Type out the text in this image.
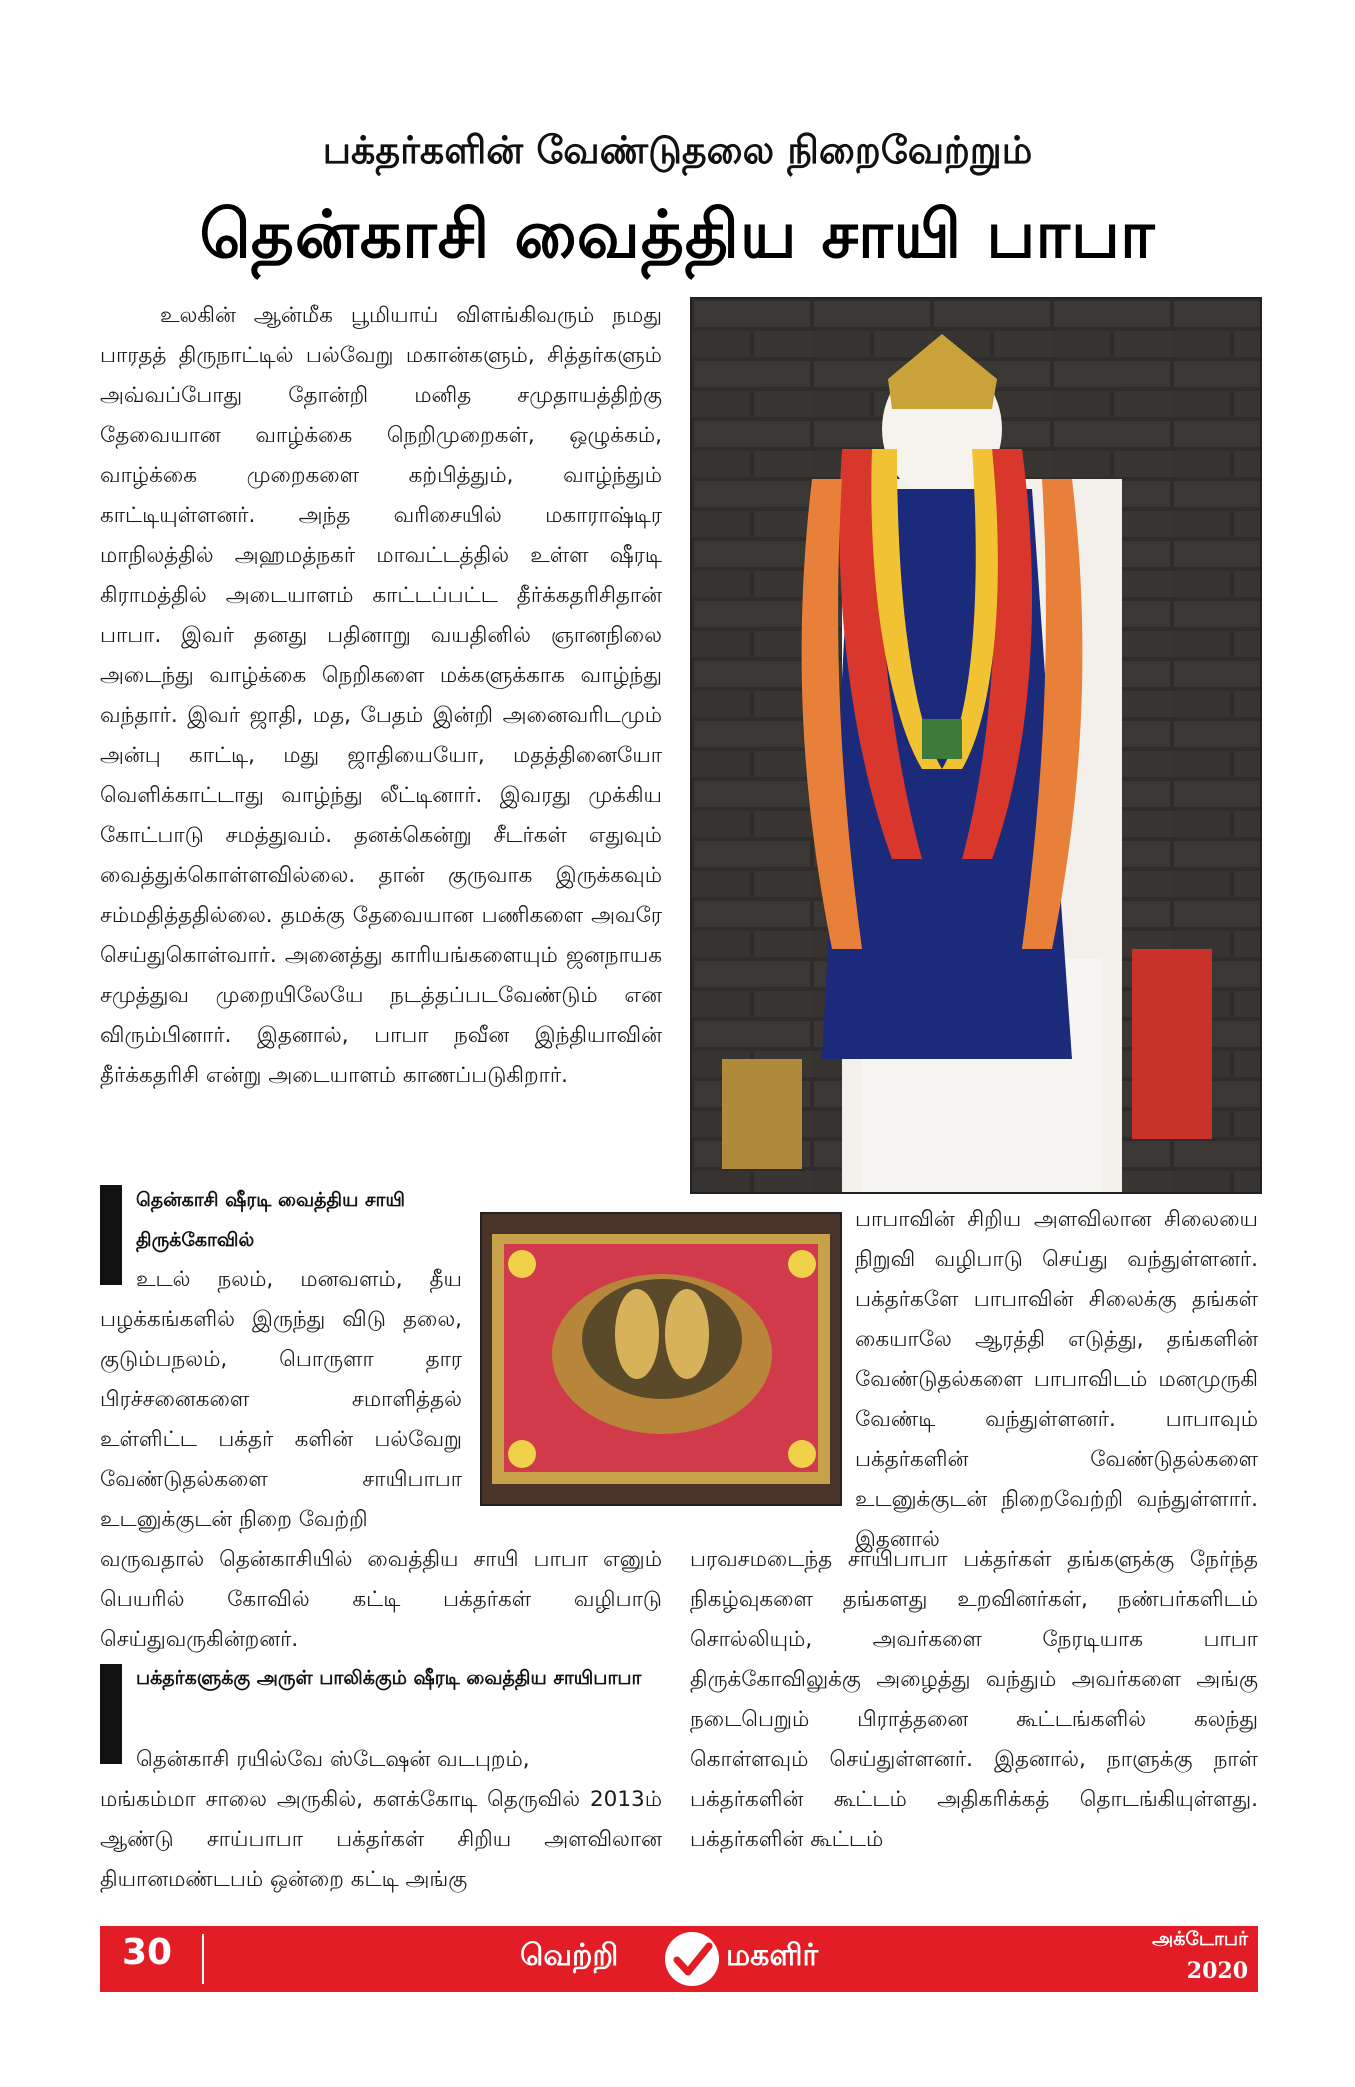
பக்தர்களின் வேண்டுதலை நிறைவேற்றும்
தென்காசி வைத்திய சாயி பாபா
உலகின் ஆன்மீக பூமியாய் விளங்கிவரும் நமது பாரதத் திருநாட்டில் பல்வேறு மகான்களும், சித்தர்களும் அவ்வப்போது தோன்றி மனித சமுதாயத்திற்கு தேவையான வாழ்க்கை நெறிமுறைகள், ஒழுக்கம், வாழ்க்கை முறைகளை கற்பித்தும், வாழ்ந்தும் காட்டியுள்ளனர். அந்த வரிசையில் மகாராஷ்டிர மாநிலத்தில் அஹமத்நகர் மாவட்டத்தில் உள்ள ஷீரடி கிராமத்தில் அடையாளம் காட்டப்பட்ட தீர்க்கதரிசிதான் பாபா. இவர் தனது பதினாறு வயதினில் ஞானநிலை அடைந்து வாழ்க்கை நெறிகளை மக்களுக்காக வாழ்ந்து வந்தார். இவர் ஜாதி, மத, பேதம் இன்றி அனைவரிடமும் அன்பு காட்டி, மது ஜாதியையோ, மதத்தினையோ வெளிக்காட்டாது வாழ்ந்து லீட்டினார். இவரது முக்கிய கோட்பாடு சமத்துவம். தனக்கென்று சீடர்கள் எதுவும் வைத்துக்கொள்ளவில்லை. தான் குருவாக இருக்கவும் சம்மதித்ததில்லை. தமக்கு தேவையான பணிகளை அவரே செய்துகொள்வார். அனைத்து காரியங்களையும் ஜனநாயக சமுத்துவ முறையிலேயே நடத்தப்படவேண்டும் என விரும்பினார். இதனால், பாபா நவீன இந்தியாவின் தீர்க்கதரிசி என்று அடையாளம் காணப்படுகிறார்.
தென்காசி ஷீரடி வைத்திய சாயி திருக்கோவில்
உடல் நலம், மனவளம், தீய பழக்கங்களில் இருந்து விடு தலை, குடும்பநலம், பொருளா தார பிரச்சனைகளை சமாளித்தல் உள்ளிட்ட பக்தர் களின் பல்வேறு வேண்டுதல்களை சாயிபாபா உடனுக்குடன் நிறை வேற்றி
வருவதால் தென்காசியில் வைத்திய சாயி பாபா எனும் பெயரில் கோவில் கட்டி பக்தர்கள் வழிபாடு செய்துவருகின்றனர்.
பாபாவின் சிறிய அளவிலான சிலையை நிறுவி வழிபாடு செய்து வந்துள்ளனர். பக்தர்களே பாபாவின் சிலைக்கு தங்கள் கையாலே ஆரத்தி எடுத்து, தங்களின் வேண்டுதல்களை பாபாவிடம் மனமுருகி வேண்டி வந்துள்ளனர். பாபாவும் பக்தர்களின் வேண்டுதல்களை உடனுக்குடன் நிறைவேற்றி வந்துள்ளார். இதனால்
பரவசமடைந்த சாயிபாபா பக்தர்கள் தங்களுக்கு நேர்ந்த நிகழ்வுகளை தங்களது உறவினர்கள், நண்பர்களிடம் சொல்லியும், அவர்களை நேரடியாக பாபா திருக்கோவிலுக்கு அழைத்து வந்தும் அவர்களை அங்கு நடைபெறும் பிராத்தனை கூட்டங்களில் கலந்து கொள்ளவும் செய்துள்ளனர். இதனால், நாளுக்கு நாள் பக்தர்களின் கூட்டம் அதிகரிக்கத் தொடங்கியுள்ளது. பக்தர்களின் கூட்டம்
பக்தர்களுக்கு அருள் பாலிக்கும் ஷீரடி வைத்திய சாயிபாபா
தென்காசி ரயில்வே ஸ்டேஷன் வடபுறம்,
மங்கம்மா சாலை அருகில், களக்கோடி தெருவில் 2013ம் ஆண்டு சாய்பாபா பக்தர்கள் சிறிய அளவிலான தியானமண்டபம் ஒன்றை கட்டி அங்கு
30	வெற்றி	மகளிர்	அக்டோபர்
2020
